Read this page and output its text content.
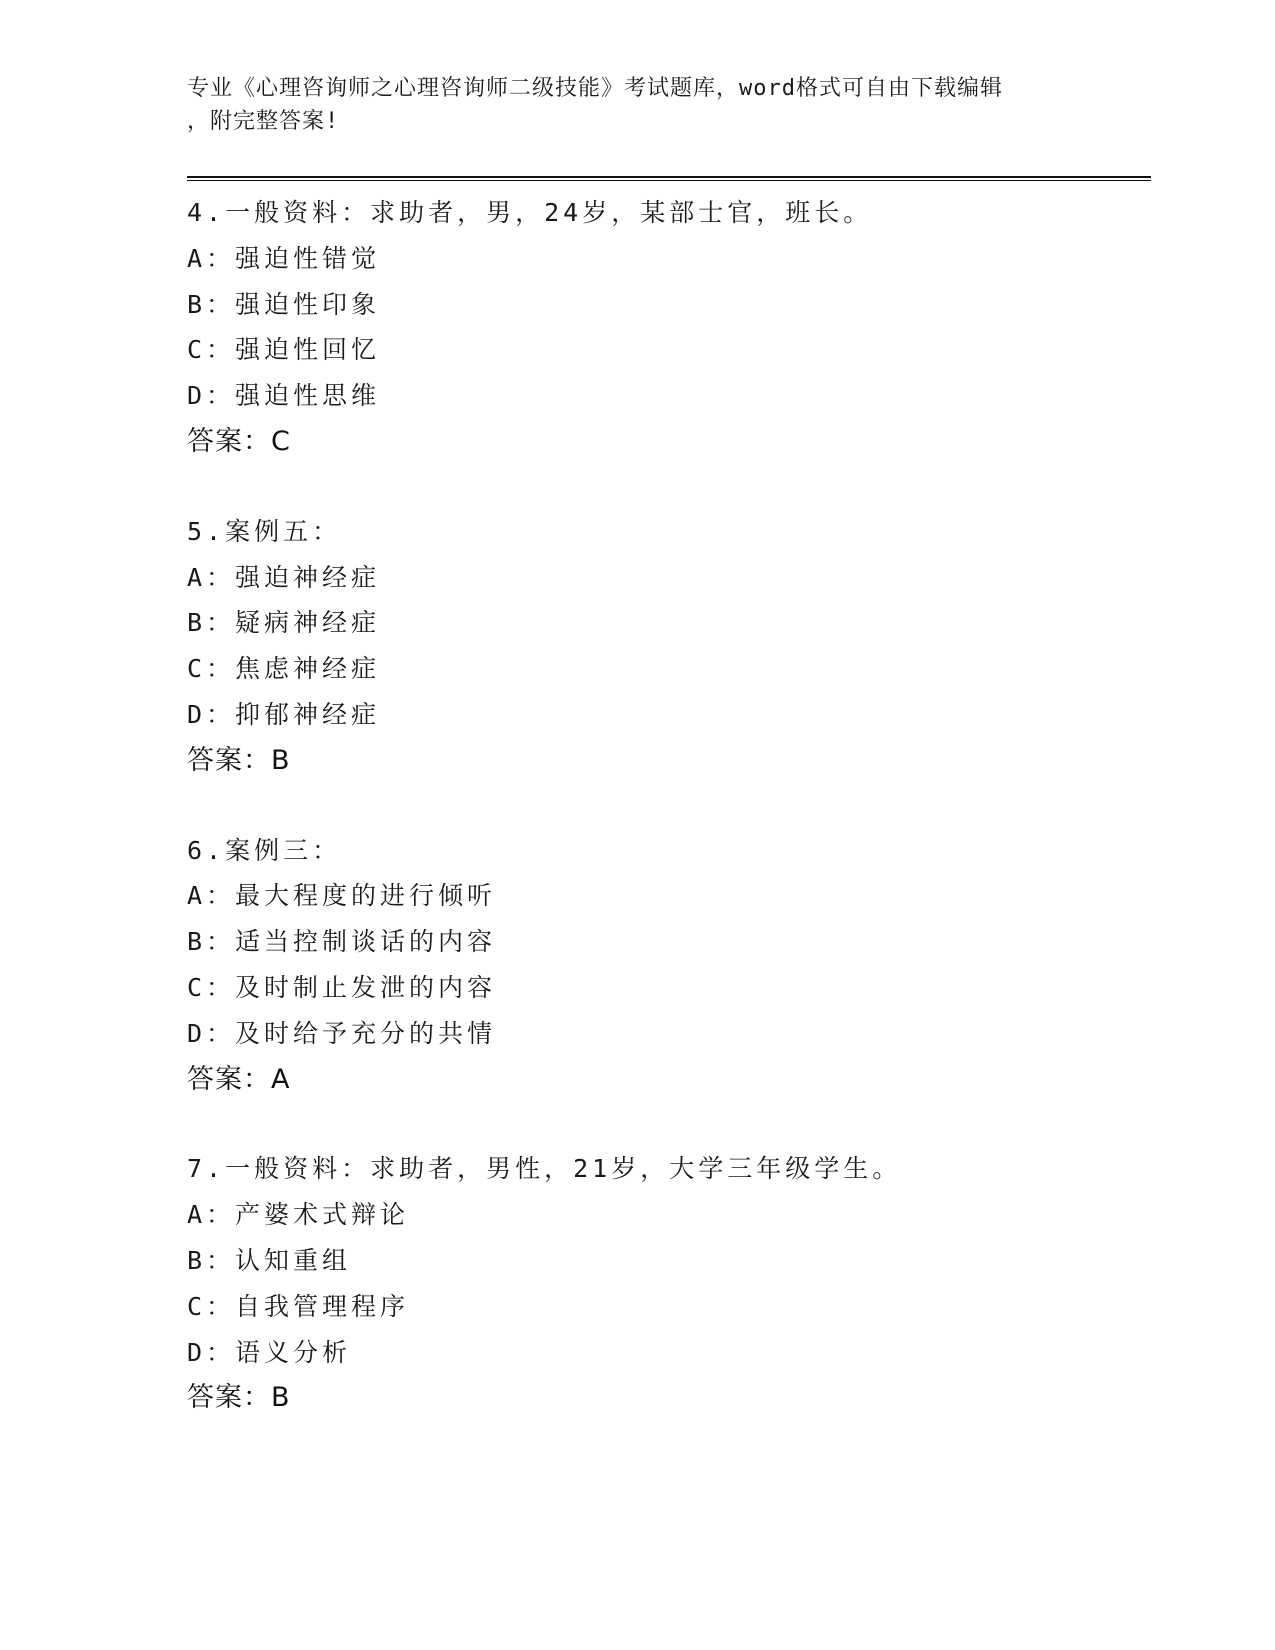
专业《心理咨询师之心理咨询师二级技能》考试题库，word格式可自由下载编辑
，附完整答案!
4.一般资料：求助者，男，24岁，某部士官，班长。
A：强迫性错觉
B：强迫性印象
C：强迫性回忆
D：强迫性思维
答案：C
5.案例五：
A：强迫神经症
B：疑病神经症
C：焦虑神经症
D：抑郁神经症
答案：B
6.案例三：
A：最大程度的进行倾听
B：适当控制谈话的内容
C：及时制止发泄的内容
D：及时给予充分的共情
答案：A
7.一般资料：求助者，男性，21岁，大学三年级学生。
A：产婆术式辩论
B：认知重组
C：自我管理程序
D：语义分析
答案：B
